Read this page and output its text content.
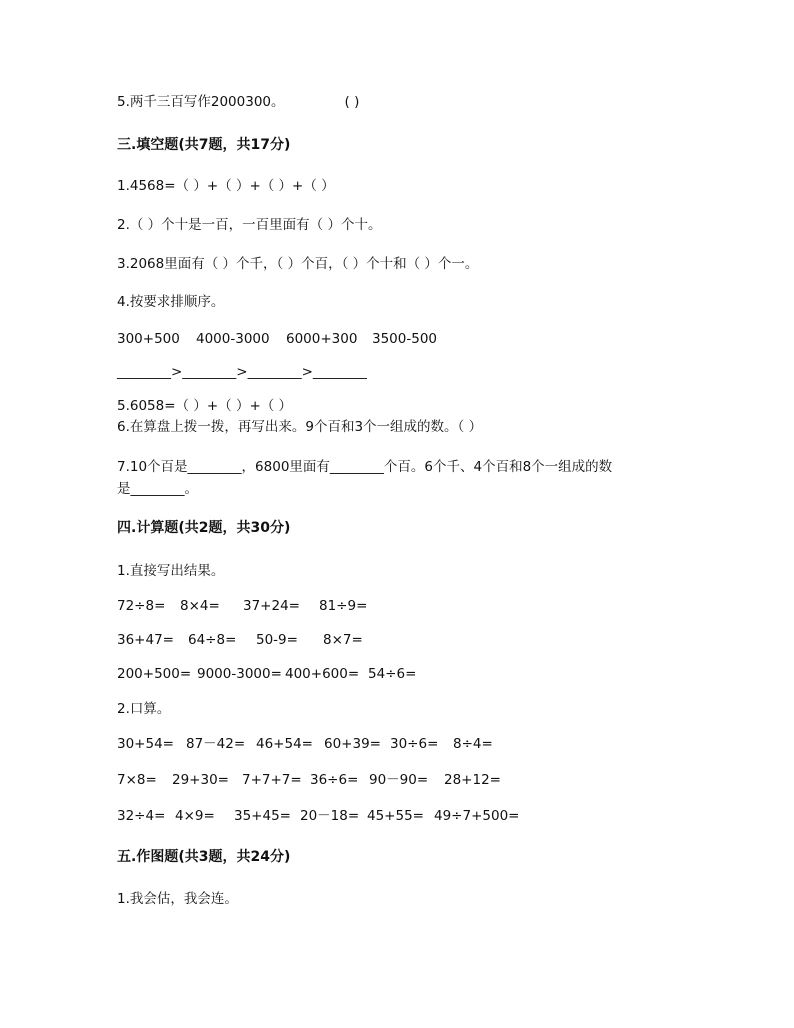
5.两千三百写作2000300。	( )
三.填空题(共7题，共17分)
1.4568=（ ）+（ ）+（ ）+（ ）
2.（ ）个十是一百，一百里面有（ ）个十。
3.2068里面有（ ）个千，（ ）个百，（ ）个十和（ ）个一。
4.按要求排顺序。
300+500	4000-3000	6000+300	3500-500
________>________>________>________
5.6058=（ ）+（ ）+（ ）
6.在算盘上拨一拨，再写出来。9个百和3个一组成的数。（ ）
7.10个百是________，6800里面有________个百。6个千、4个百和8个一组成的数
是________。
四.计算题(共2题，共30分)
1.直接写出结果。
72÷8=	8×4=	37+24=	81÷9=
36+47=	64÷8=	50-9=	8×7=
200+500= 9000-3000= 400+600= 54÷6=
2.口算。
30+54= 87－42= 46+54= 60+39= 30÷6=	8÷4=
7×8=	29+30= 7+7+7= 36÷6= 90－90=	28+12=
32÷4= 4×9=	35+45= 20－18= 45+55= 49÷7+500=
五.作图题(共3题，共24分)
1.我会估，我会连。
